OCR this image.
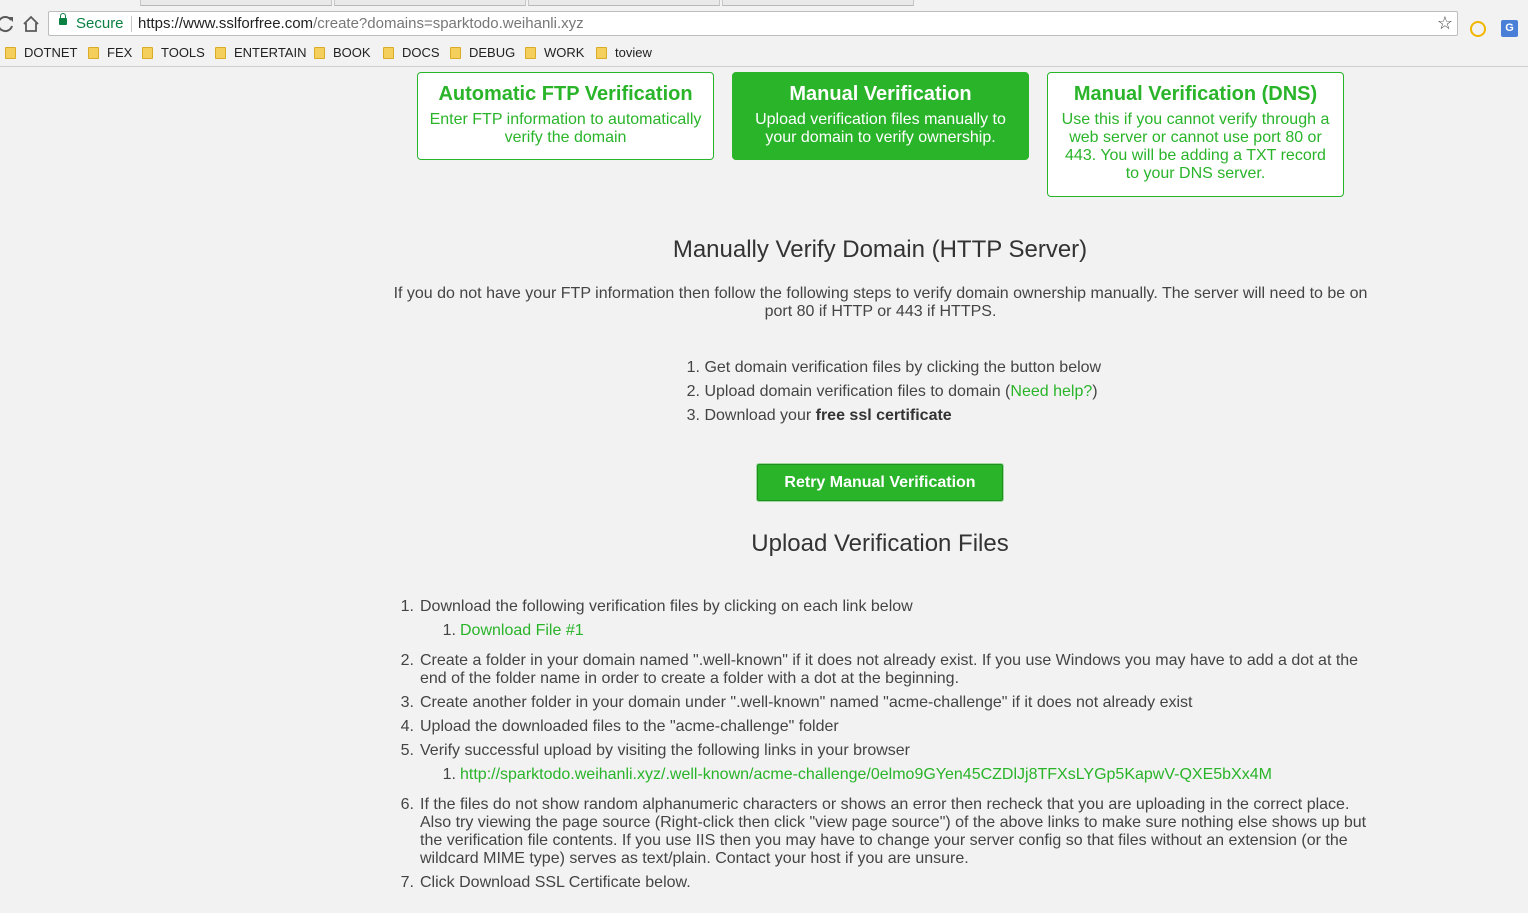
Secure https://www.sslforfree.com/create?domains=sparktodo.weihanli.xyz	☆	G
DOTNET	FEX	TOOLS	ENTERTAIN	BOOK	DOCS	DEBUG	WORK	toview
Automatic FTP Verification
Enter FTP information to automatically verify the domain
Manual Verification
Upload verification files manually to your domain to verify ownership.
Manual Verification (DNS)
Use this if you cannot verify through a web server or cannot use port 80 or 443. You will be adding a TXT record to your DNS server.
Manually Verify Domain (HTTP Server)
If you do not have your FTP information then follow the following steps to verify domain ownership manually. The server will need to be on port 80 if HTTP or 443 if HTTPS.
1. Get domain verification files by clicking the button below
2. Upload domain verification files to domain (Need help?)
3. Download your free ssl certificate
Retry Manual Verification
Upload Verification Files
1. Download the following verification files by clicking on each link below
1. Download File #1
2. Create a folder in your domain named ".well-known" if it does not already exist. If you use Windows you may have to add a dot at the end of the folder name in order to create a folder with a dot at the beginning.
3. Create another folder in your domain under ".well-known" named "acme-challenge" if it does not already exist
4. Upload the downloaded files to the "acme-challenge" folder
5. Verify successful upload by visiting the following links in your browser
1. http://sparktodo.weihanli.xyz/.well-known/acme-challenge/0elmo9GYen45CZDlJj8TFXsLYGp5KapwV-QXE5bXx4M
6. If the files do not show random alphanumeric characters or shows an error then recheck that you are uploading in the correct place. Also try viewing the page source (Right-click then click "view page source") of the above links to make sure nothing else shows up but the verification file contents. If you use IIS then you may have to change your server config so that files without an extension (or the wildcard MIME type) serves as text/plain. Contact your host if you are unsure.
7. Click Download SSL Certificate below.
